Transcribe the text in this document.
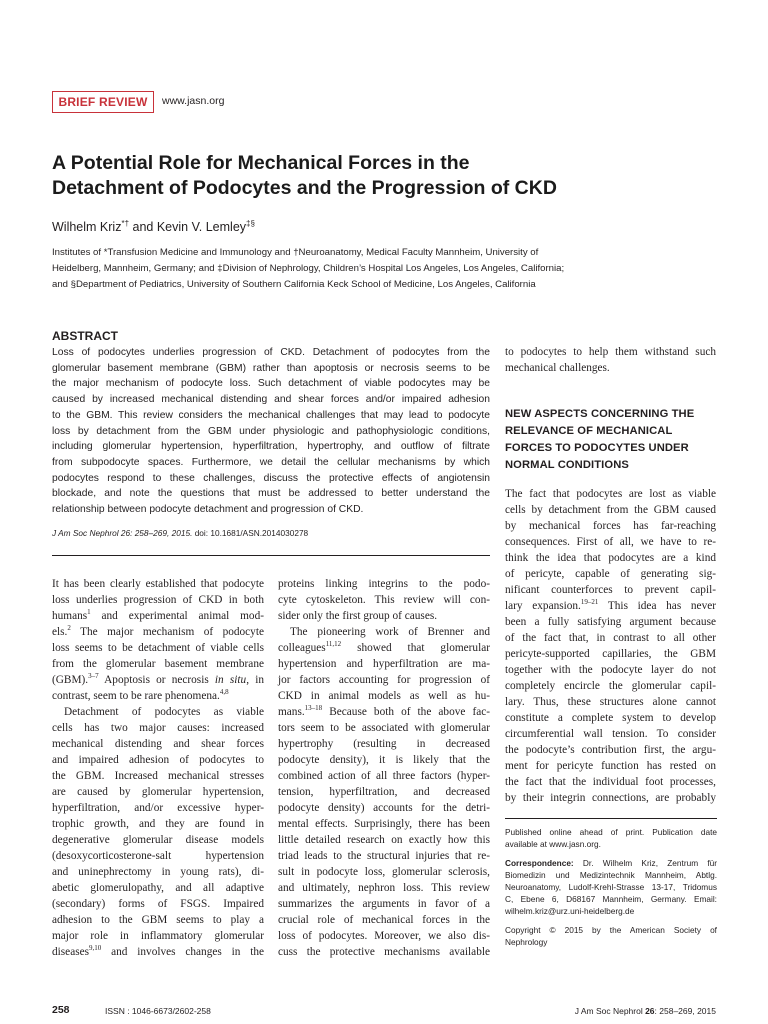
BRIEF REVIEW	www.jasn.org
A Potential Role for Mechanical Forces in the
Detachment of Podocytes and the Progression of CKD
Wilhelm Kriz*† and Kevin V. Lemley‡§
Institutes of *Transfusion Medicine and Immunology and †Neuroanatomy, Medical Faculty Mannheim, University of
Heidelberg, Mannheim, Germany; and ‡Division of Nephrology, Children’s Hospital Los Angeles, Los Angeles, California;
and §Department of Pediatrics, University of Southern California Keck School of Medicine, Los Angeles, California
ABSTRACT
Loss of podocytes underlies progression of CKD. Detachment of podocytes from the
glomerular basement membrane (GBM) rather than apoptosis or necrosis seems to be
the major mechanism of podocyte loss. Such detachment of viable podocytes may be
caused by increased mechanical distending and shear forces and/or impaired adhesion
to the GBM. This review considers the mechanical challenges that may lead to podocyte
loss by detachment from the GBM under physiologic and pathophysiologic conditions,
including glomerular hypertension, hyperfiltration, hypertrophy, and outflow of filtrate
from subpodocyte spaces. Furthermore, we detail the cellular mechanisms by which
podocytes respond to these challenges, discuss the protective effects of angiotensin
blockade, and note the questions that must be addressed to better understand the
relationship between podocyte detachment and progression of CKD.
J Am Soc Nephrol 26: 258–269, 2015. doi: 10.1681/ASN.2014030278
It has been clearly established that podocyte
loss underlies progression of CKD in both
humans$^1$ and experimental animal mod-
els.$^2$ The major mechanism of podocyte
loss seems to be detachment of viable cells
from the glomerular basement membrane
(GBM).$^{3-7}$ Apoptosis or necrosis in situ, in
contrast, seem to be rare phenomena.$^{4,8}$
Detachment of podocytes as viable
cells has two major causes: increased
mechanical distending and shear forces
and impaired adhesion of podocytes to
the GBM. Increased mechanical stresses
are caused by glomerular hypertension,
hyperfiltration, and/or excessive hyper-
trophic growth, and they are found in
degenerative glomerular disease models
(desoxycorticosterone-salt hypertension
and uninephrectomy in young rats), di-
abetic glomerulopathy, and all adaptive
(secondary) forms of FSGS. Impaired
adhesion to the GBM seems to play a
major role in inflammatory glomerular
diseases$^{9,10}$ and involves changes in the
proteins linking integrins to the podo-
cyte cytoskeleton. This review will con-
sider only the first group of causes.
The pioneering work of Brenner and
colleagues$^{11,12}$ showed that glomerular
hypertension and hyperfiltration are ma-
jor factors accounting for progression of
CKD in animal models as well as hu-
mans.$^{13-18}$ Because both of the above fac-
tors seem to be associated with glomerular
hypertrophy (resulting in decreased
podocyte density), it is likely that the
combined action of all three factors (hyper-
tension, hyperfiltration, and decreased
podocyte density) accounts for the detri-
mental effects. Surprisingly, there has been
little detailed research on exactly how this
triad leads to the structural injuries that re-
sult in podocyte loss, glomerular sclerosis,
and ultimately, nephron loss. This review
summarizes the arguments in favor of a
crucial role of mechanical forces in the
loss of podocytes. Moreover, we also dis-
cuss the protective mechanisms available
to podocytes to help them withstand such
mechanical challenges.
NEW ASPECTS CONCERNING THE
RELEVANCE OF MECHANICAL
FORCES TO PODOCYTES UNDER
NORMAL CONDITIONS
The fact that podocytes are lost as viable
cells by detachment from the GBM caused
by mechanical forces has far-reaching
consequences. First of all, we have to re-
think the idea that podocytes are a kind
of pericyte, capable of generating sig-
nificant counterforces to prevent capil-
lary expansion.$^{19-21}$ This idea has never
been a fully satisfying argument because
of the fact that, in contrast to all other
pericyte-supported capillaries, the GBM
together with the podocyte layer do not
completely encircle the glomerular capil-
lary. Thus, these structures alone cannot
constitute a complete system to develop
circumferential wall tension. To consider
the podocyte’s contribution first, the argu-
ment for pericyte function has rested on
the fact that the individual foot processes,
by their integrin connections, are probably
Published online ahead of print. Publication date
available at www.jasn.org.
Correspondence: Dr. Wilhelm Kriz, Zentrum für
Biomedizin und Medizintechnik Mannheim, Abtlg.
Neuroanatomy, Ludolf-Krehl-Strasse 13-17, Tridomus
C, Ebene 6, D68167 Mannheim, Germany. Email:
wilhelm.kriz@urz.uni-heidelberg.de
Copyright © 2015 by the American Society of
Nephrology
258	ISSN : 1046-6673/2602-258	J Am Soc Nephrol 26: 258–269, 2015
